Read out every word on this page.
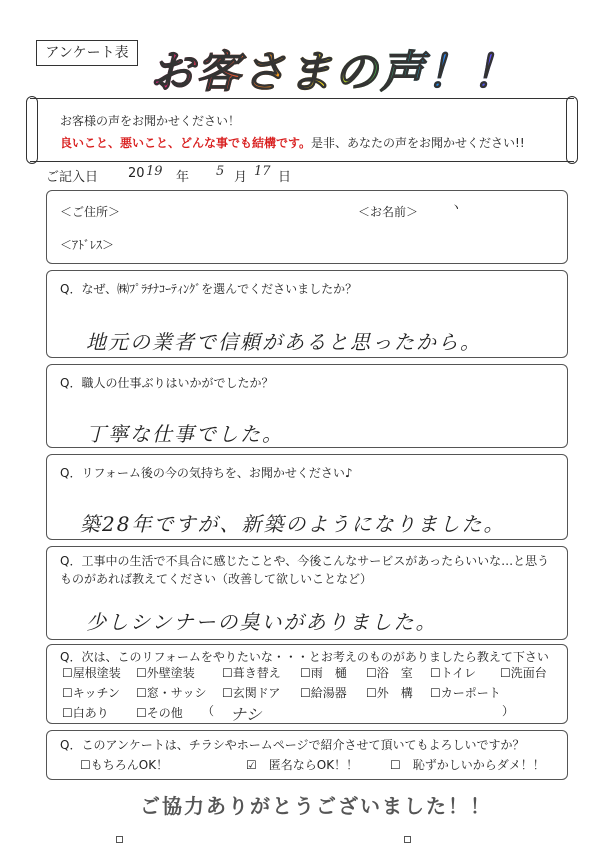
アンケート表 お客さまの声！！
お客様の声をお聞かせください！
良いこと、悪いこと、どんな事でも結構です。是非、あなたの声をお聞かせください!!
ご記入日 20 19 年 5 月 17 日
＜ご住所＞	＜お名前＞	ヽ
＜ｱﾄﾞﾚｽ＞
Q．なぜ、㈱ﾌﾟﾗﾁﾅｺｰﾃｨﾝｸﾞを選んでくださいましたか？
地元の業者で信頼があると思ったから。
Q．職人の仕事ぶりはいかがでしたか？
丁寧な仕事でした。
Q．リフォーム後の今の気持ちを、お聞かせください♪
築28年ですが、新築のようになりました。
Q．工事中の生活で不具合に感じたことや、今後こんなサービスがあったらいいな…と思う
ものがあれば教えてください（改善して欲しいことなど）
少しシンナーの臭いがありました。
Q．次は、このリフォームをやりたいな・・・とお考えのものがありましたら教えて下さい
☐屋根塗装 ☐外壁塗装 ☐葺き替え ☐雨　樋 ☐浴　室 ☐トイレ ☐洗面台
☐キッチン ☐窓・サッシ ☐玄関ドア ☐給湯器 ☐外　構 ☐カーポート
☐白あり ☐その他 （ ナシ	）
Q．このアンケートは、チラシやホームページで紹介させて頂いてもよろしいですか？
☐もちろんOK！	☑　匿名ならOK！！	☐　恥ずかしいからダメ！！
ご協力ありがとうございました！！
